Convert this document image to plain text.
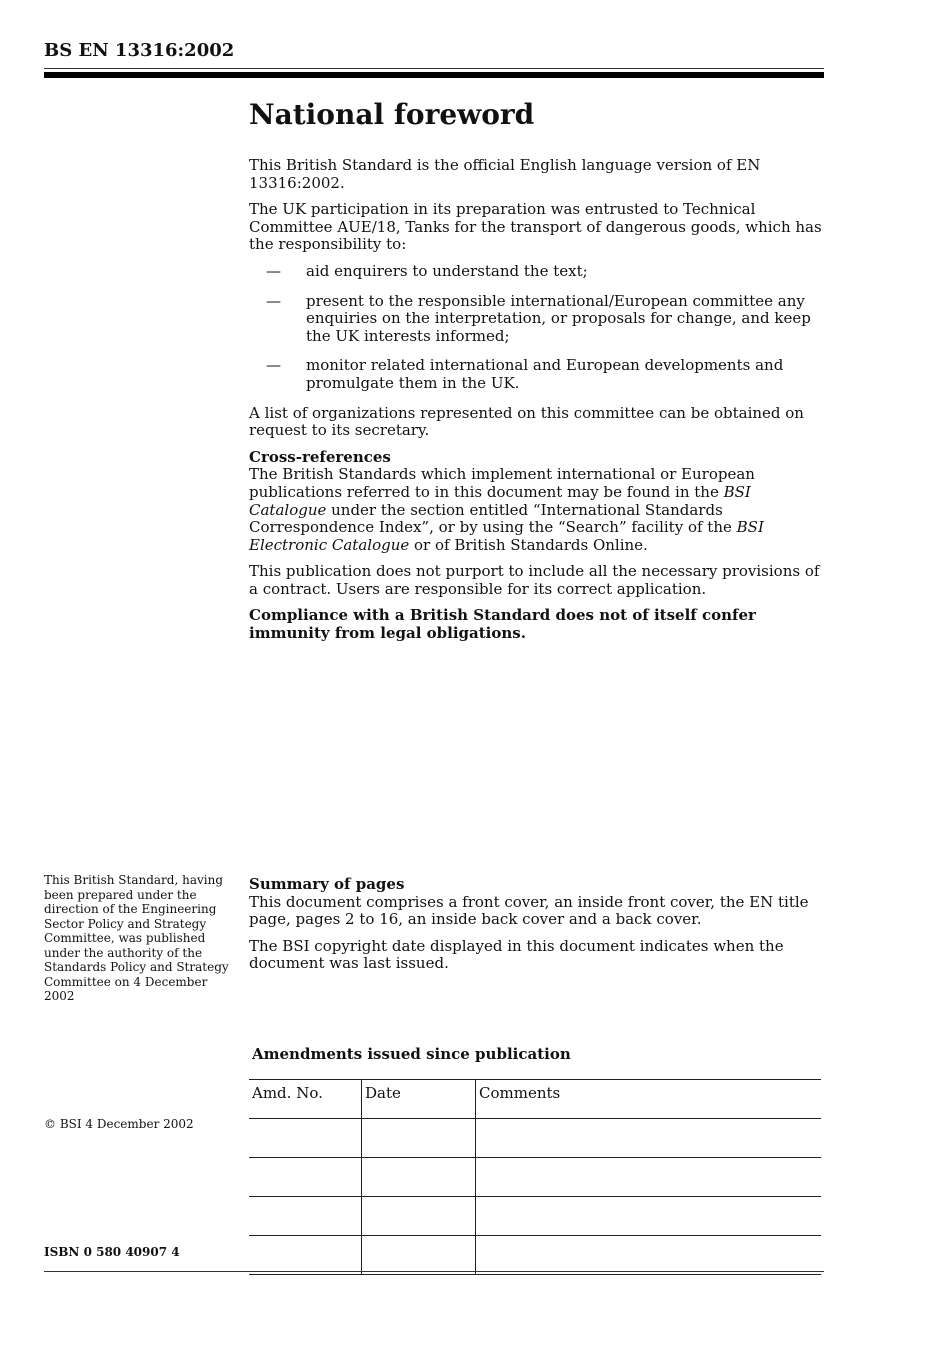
BS EN 13316:2002
National foreword

This British Standard is the official English language version of EN 13316:2002.

The UK participation in its preparation was entrusted to Technical Committee AUE/18, Tanks for the transport of dangerous goods, which has the responsibility to:

— aid enquirers to understand the text;
— present to the responsible international/European committee any enquiries on the interpretation, or proposals for change, and keep the UK interests informed;
— monitor related international and European developments and promulgate them in the UK.

A list of organizations represented on this committee can be obtained on request to its secretary.

Cross-references

The British Standards which implement international or European publications referred to in this document may be found in the BSI Catalogue under the section entitled “International Standards Correspondence Index”, or by using the “Search” facility of the BSI Electronic Catalogue or of British Standards Online.

This publication does not purport to include all the necessary provisions of a contract. Users are responsible for its correct application.

Compliance with a British Standard does not of itself confer immunity from legal obligations.

This British Standard, having been prepared under the direction of the Engineering Sector Policy and Strategy Committee, was published under the authority of the Standards Policy and Strategy Committee on 4 December 2002

Summary of pages

This document comprises a front cover, an inside front cover, the EN title page, pages 2 to 16, an inside back cover and a back cover.

The BSI copyright date displayed in this document indicates when the document was last issued.

Amendments issued since publication
Amd. No.	Date	Comments

© BSI 4 December 2002
ISBN 0 580 40907 4
